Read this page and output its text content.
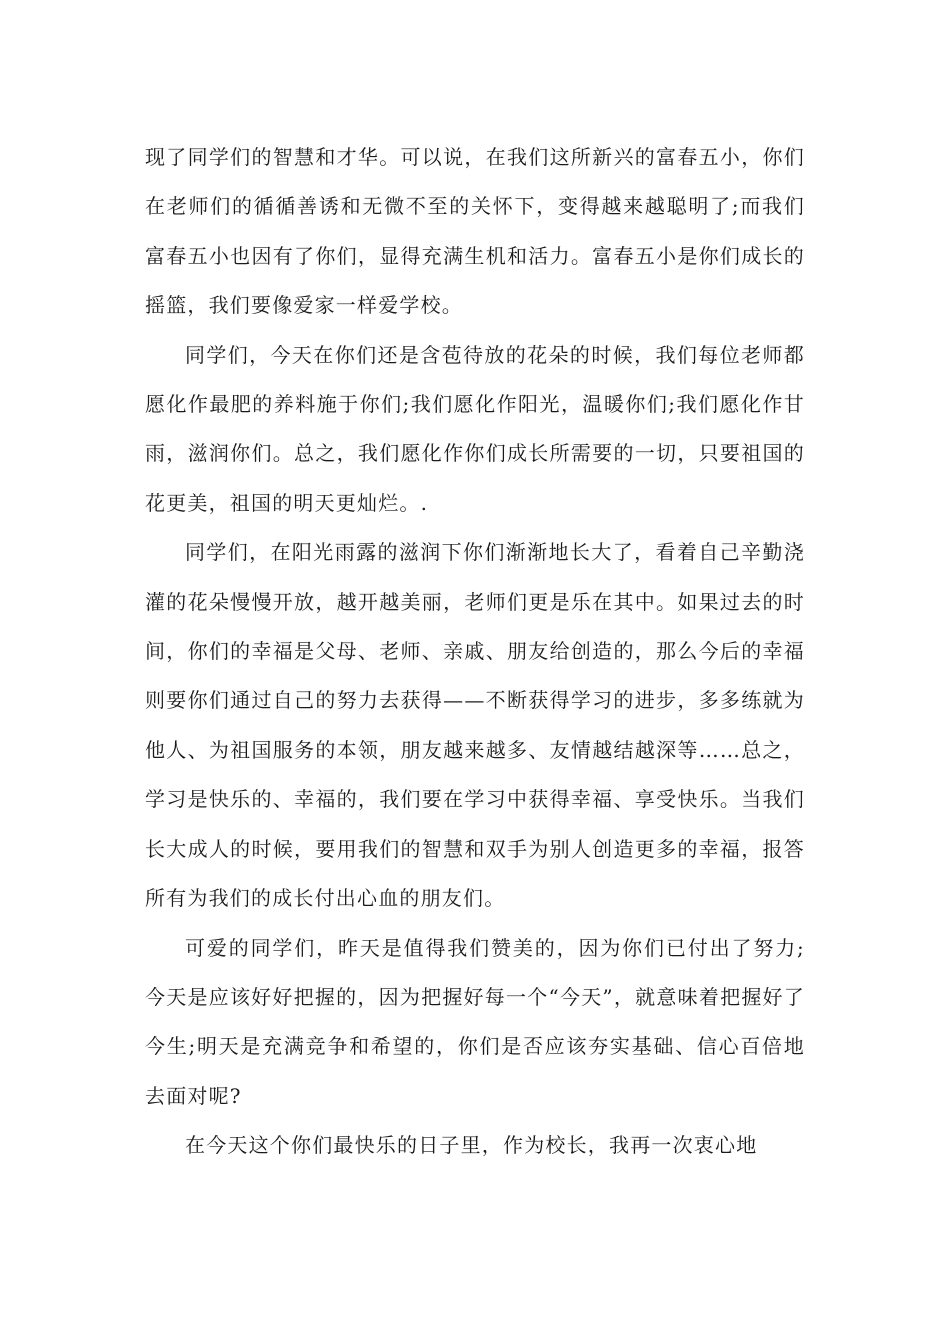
现了同学们的智慧和才华。可以说，在我们这所新兴的富春五小，你们在老师们的循循善诱和无微不至的关怀下，变得越来越聪明了;而我们富春五小也因有了你们，显得充满生机和活力。富春五小是你们成长的摇篮，我们要像爱家一样爱学校。

同学们，今天在你们还是含苞待放的花朵的时候，我们每位老师都愿化作最肥的养料施于你们;我们愿化作阳光，温暖你们;我们愿化作甘雨，滋润你们。总之，我们愿化作你们成长所需要的一切，只要祖国的花更美，祖国的明天更灿烂。.

同学们，在阳光雨露的滋润下你们渐渐地长大了，看着自己辛勤浇灌的花朵慢慢开放，越开越美丽，老师们更是乐在其中。如果过去的时间，你们的幸福是父母、老师、亲戚、朋友给创造的，那么今后的幸福则要你们通过自己的努力去获得——不断获得学习的进步，多多练就为他人、为祖国服务的本领，朋友越来越多、友情越结越深等……总之，学习是快乐的、幸福的，我们要在学习中获得幸福、享受快乐。当我们长大成人的时候，要用我们的智慧和双手为别人创造更多的幸福，报答所有为我们的成长付出心血的朋友们。

可爱的同学们，昨天是值得我们赞美的，因为你们已付出了努力;今天是应该好好把握的，因为把握好每一个“今天”，就意味着把握好了今生;明天是充满竞争和希望的，你们是否应该夯实基础、信心百倍地去面对呢?

在今天这个你们最快乐的日子里，作为校长，我再一次衷心地
